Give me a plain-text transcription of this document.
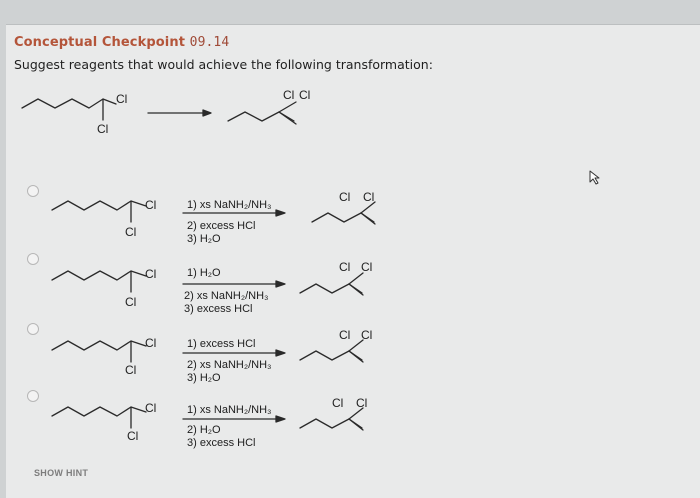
Conceptual Checkpoint 09.14
Suggest reagents that would achieve the following transformation:
Cl
Cl
Cl Cl
Cl
Cl
1) xs NaNH₂/NH₃
2) excess HCl
3) H₂O
Cl Cl
Cl
Cl
1) H₂O
2) xs NaNH₂/NH₃
3) excess HCl
Cl Cl
Cl
Cl
1) excess HCl
2) xs NaNH₂/NH₃
3) H₂O
Cl Cl
Cl
Cl
1) xs NaNH₂/NH₃
2) H₂O
3) excess HCl
Cl Cl
SHOW HINT
